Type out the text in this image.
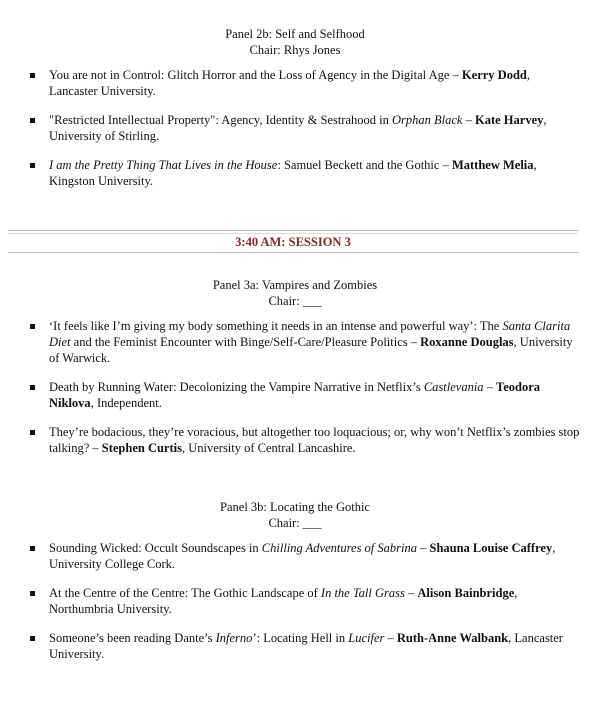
Panel 2b: Self and Selfhood
Chair: Rhys Jones
You are not in Control: Glitch Horror and the Loss of Agency in the Digital Age – Kerry Dodd, Lancaster University.
"Restricted Intellectual Property": Agency, Identity & Sestrahood in Orphan Black – Kate Harvey, University of Stirling.
I am the Pretty Thing That Lives in the House: Samuel Beckett and the Gothic – Matthew Melia, Kingston University.
3:40 AM: SESSION 3
Panel 3a: Vampires and Zombies
Chair: ___
‘It feels like I’m giving my body something it needs in an intense and powerful way’: The Santa Clarita Diet and the Feminist Encounter with Binge/Self-Care/Pleasure Politics – Roxanne Douglas, University of Warwick.
Death by Running Water: Decolonizing the Vampire Narrative in Netflix’s Castlevania – Teodora Niklova, Independent.
They’re bodacious, they’re voracious, but altogether too loquacious; or, why won’t Netflix’s zombies stop talking? – Stephen Curtis, University of Central Lancashire.
Panel 3b: Locating the Gothic
Chair: ___
Sounding Wicked: Occult Soundscapes in Chilling Adventures of Sabrina – Shauna Louise Caffrey, University College Cork.
At the Centre of the Centre: The Gothic Landscape of In the Tall Grass – Alison Bainbridge, Northumbria University.
Someone’s been reading Dante’s Inferno’: Locating Hell in Lucifer – Ruth-Anne Walbank, Lancaster University.
